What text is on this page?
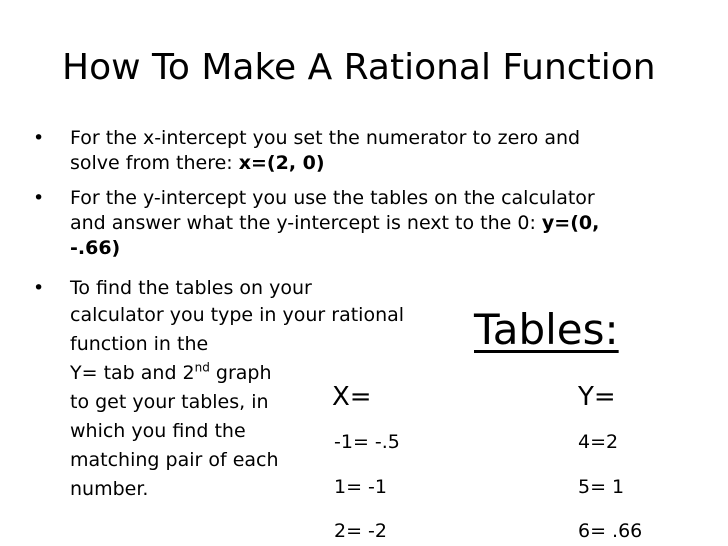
How To Make A Rational Function
• For the x-intercept you set the numerator to zero and
solve from there: x=(2, 0)
• For the y-intercept you use the tables on the calculator
and answer what the y-intercept is next to the 0: y=(0,
-.66)
• To find the tables on your
calculator you type in your rational
function in the
Y= tab and 2nd graph
to get your tables, in
which you find the
matching pair of each
number.
Tables:
X=	Y=
-1= -.5
1= -1
2= -2
4=2
5= 1
6= .66
